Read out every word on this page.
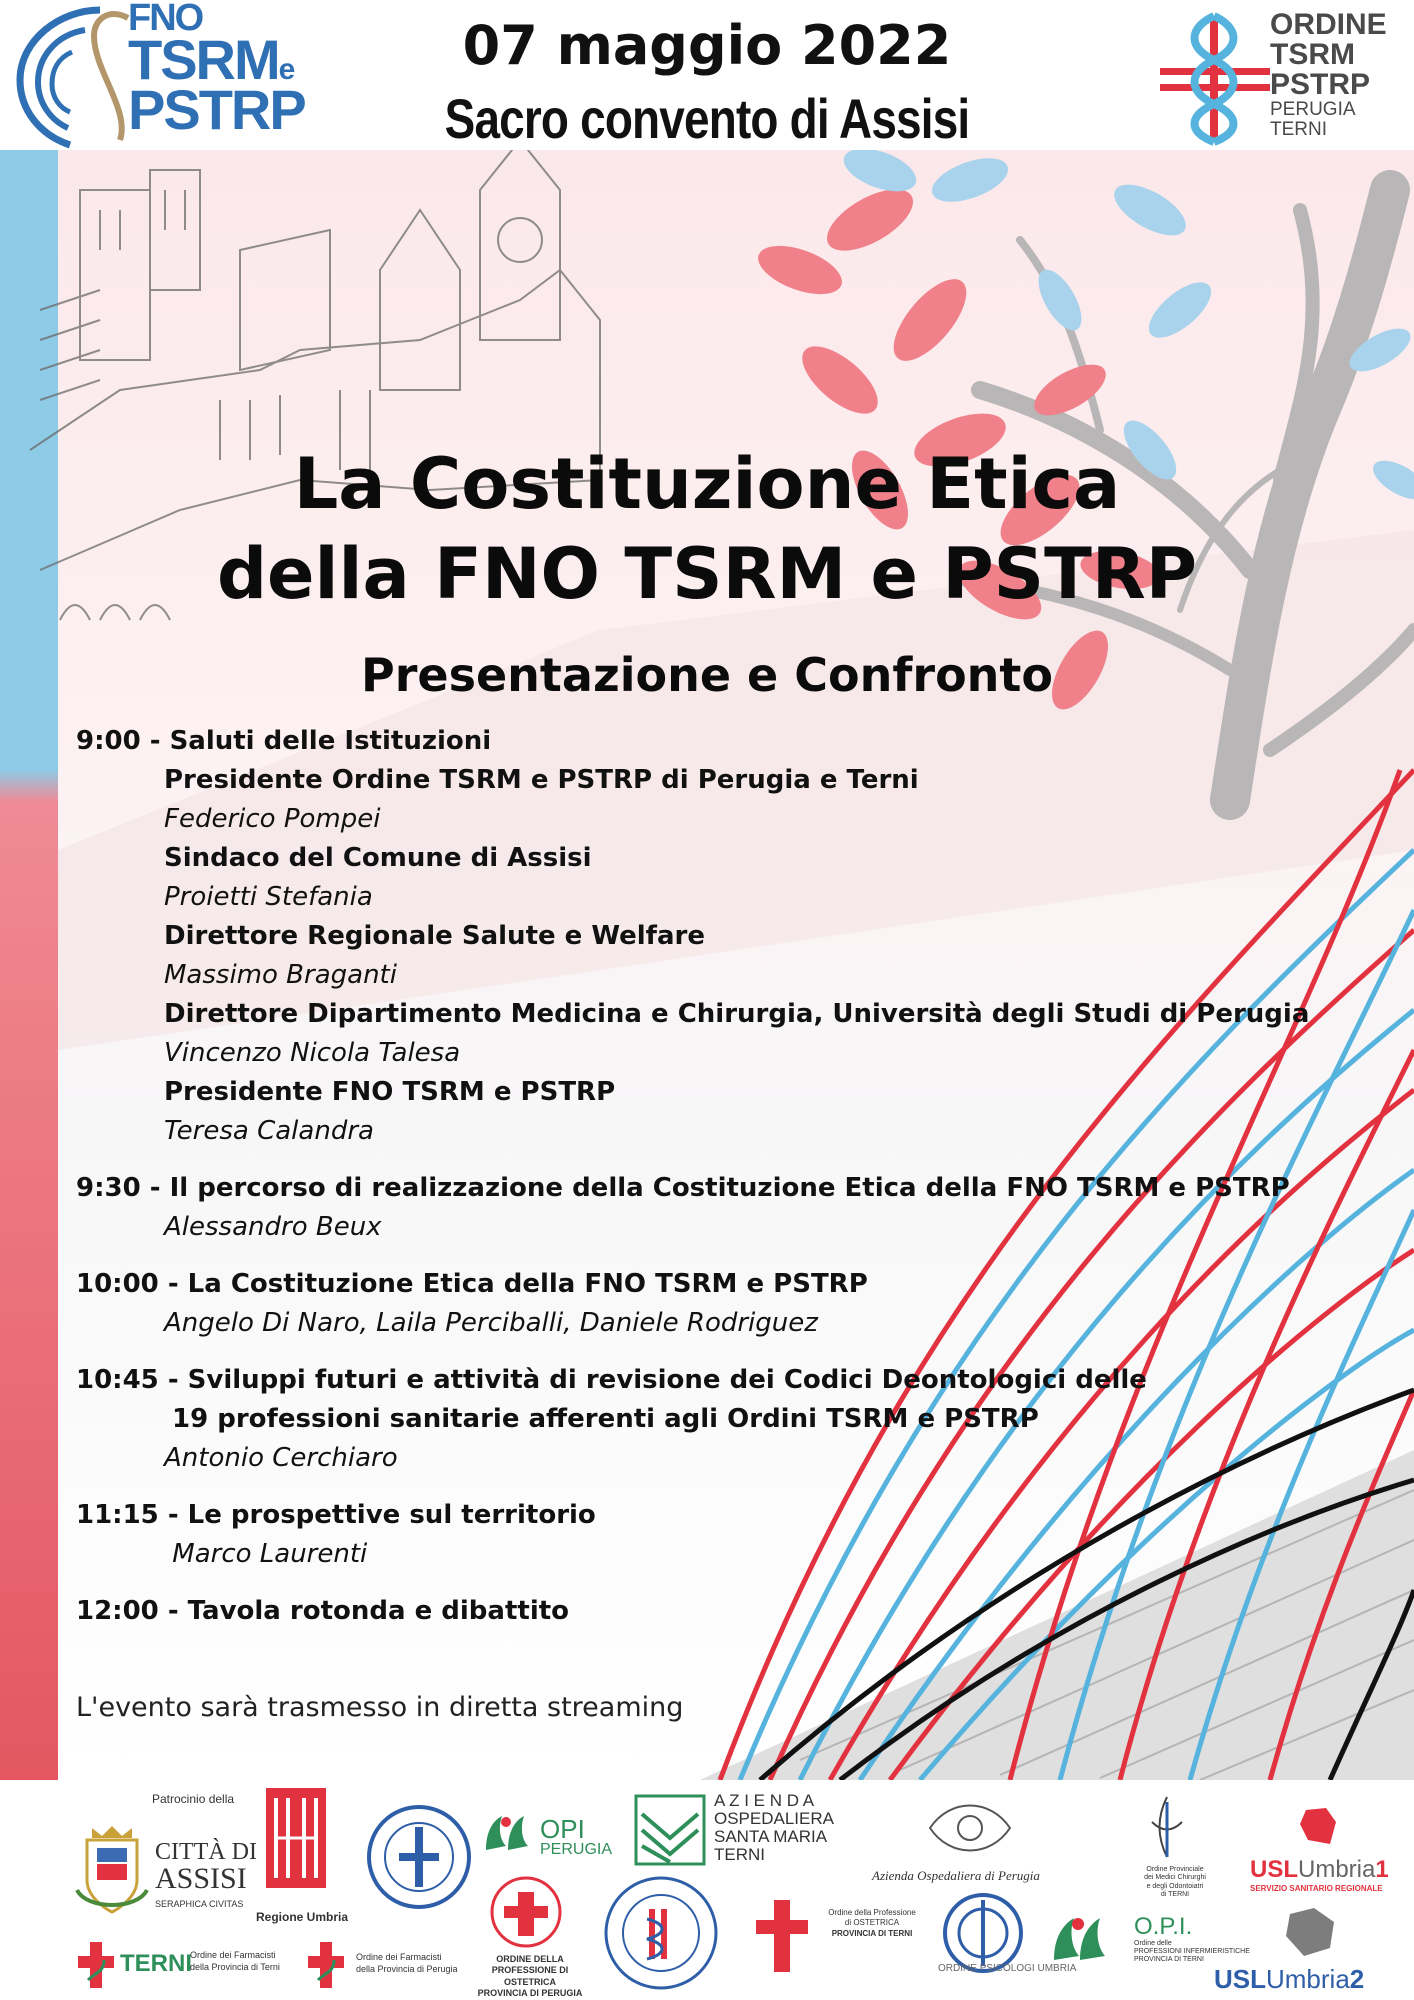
FNO
TSRMe
PSTRP
07 maggio 2022
Sacro convento di Assisi
ORDINE
TSRM
PSTRP
PERUGIA
TERNI
La Costituzione Etica
della FNO TSRM e PSTRP
Presentazione e Confronto
9:00 - Saluti delle Istituzioni
Presidente Ordine TSRM e PSTRP di Perugia e Terni
Federico Pompei
Sindaco del Comune di Assisi
Proietti Stefania
Direttore Regionale Salute e Welfare
Massimo Braganti
Direttore Dipartimento Medicina e Chirurgia, Università degli Studi di Perugia
Vincenzo Nicola Talesa
Presidente FNO TSRM e PSTRP
Teresa Calandra
9:30 - Il percorso di realizzazione della Costituzione Etica della FNO TSRM e PSTRP
Alessandro Beux
10:00 - La Costituzione Etica della FNO TSRM e PSTRP
Angelo Di Naro, Laila Perciballi, Daniele Rodriguez
10:45 - Sviluppi futuri e attività di revisione dei Codici Deontologici delle
19 professioni sanitarie afferenti agli Ordini TSRM e PSTRP
Antonio Cerchiaro
11:15 - Le prospettive sul territorio
Marco Laurenti
12:00 - Tavola rotonda e dibattito
L'evento sarà trasmesso in diretta streaming
Patrocinio della
CITTÀ DI
ASSISI
SERAPHICA CIVITAS
Regione Umbria
OPI
PERUGIA
A Z I E N D A
OSPEDALIERA
SANTA MARIA
TERNI
Azienda Ospedaliera di Perugia	Ordine Provinciale
dei Medici Chirurghi
e degli Odontoiatri
di TERNI
USLUmbria1
SERVIZIO SANITARIO REGIONALE
TERNI
Ordine dei Farmacisti
della Provincia di Terni
Ordine dei Farmacisti
della Provincia di Perugia
ORDINE DELLA
PROFESSIONE DI OSTETRICA
PROVINCIA DI PERUGIA
Ordine della Professione
di OSTETRICA
PROVINCIA DI TERNI
ORDINE PSICOLOGI UMBRIA
O.P.I.
Ordine delle
PROFESSIONI INFERMIERISTICHE
PROVINCIA DI TERNI
USLUmbria2
